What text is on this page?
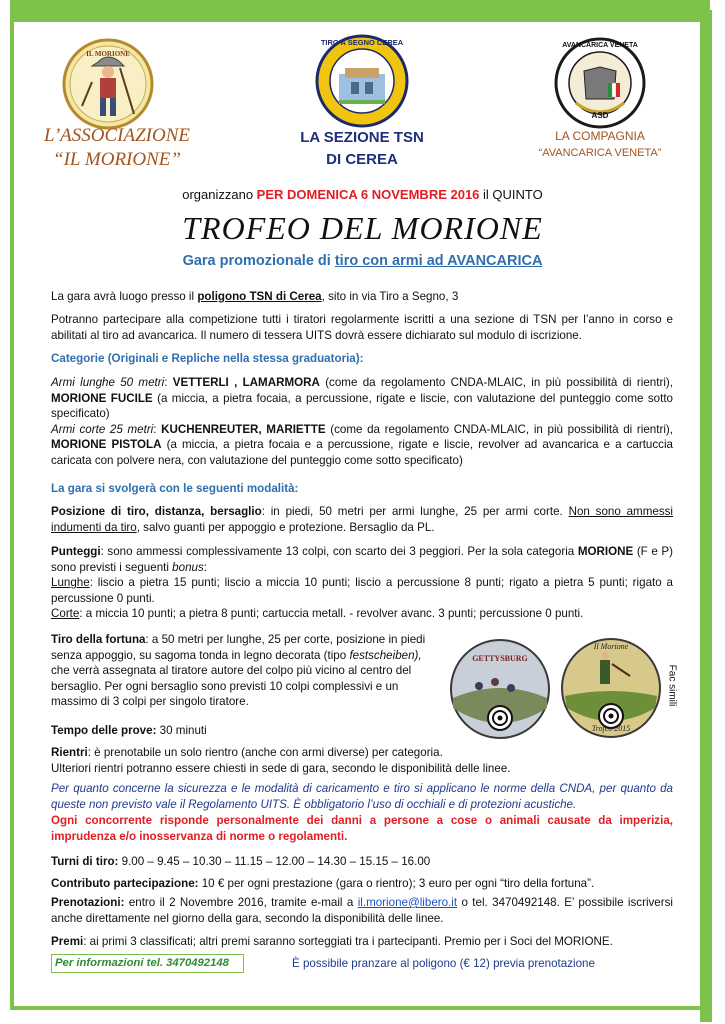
IL MORIONE
TIRO A SEGNO CEREA	AVANCARICA VENETA
ASD
L’ASSOCIAZIONE
“IL MORIONE”
LA SEZIONE TSN
DI CEREA
LA COMPAGNIA
“AVANCARICA VENETA”
organizzano PER DOMENICA 6 NOVEMBRE 2016 il QUINTO
TROFEO DEL MORIONE
Gara promozionale di tiro con armi ad AVANCARICA
La gara avrà luogo presso il poligono TSN di Cerea, sito in via Tiro a Segno, 3
Potranno partecipare alla competizione tutti i tiratori regolarmente iscritti a una sezione di TSN per l’anno in corso e abilitati al tiro ad avancarica. Il numero di tessera UITS dovrà essere dichiarato sul modulo di iscrizione.
Categorie (Originali e Repliche nella stessa graduatoria):
Armi lunghe 50 metri: VETTERLI , LAMARMORA (come da regolamento CNDA-MLAIC, in più possibilità di rientri), MORIONE FUCILE (a miccia, a pietra focaia, a percussione, rigate e liscie, con valutazione del punteggio come sotto specificato)
Armi corte 25 metri: KUCHENREUTER, MARIETTE (come da regolamento CNDA-MLAIC, in più possibilità di rientri), MORIONE PISTOLA (a miccia, a pietra focaia e a percussione, rigate e liscie, revolver ad avancarica e a cartuccia caricata con polvere nera, con valutazione del punteggio come sotto specificato)
La gara si svolgerà con le seguenti modalità:
Posizione di tiro, distanza, bersaglio: in piedi, 50 metri per armi lunghe, 25 per armi corte. Non sono ammessi indumenti da tiro, salvo guanti per appoggio e protezione. Bersaglio da PL.
Punteggi: sono ammessi complessivamente 13 colpi, con scarto dei 3 peggiori. Per la sola categoria MORIONE (F e P) sono previsti i seguenti bonus:
Lunghe: liscio a pietra 15 punti; liscio a miccia 10 punti; liscio a percussione 8 punti; rigato a pietra 5 punti; rigato a percussione 0 punti.
Corte: a miccia 10 punti; a pietra 8 punti; cartuccia metall. - revolver avanc. 3 punti; percussione 0 punti.
Tiro della fortuna: a 50 metri per lunghe, 25 per corte, posizione in piedi senza appoggio, su sagoma tonda in legno decorata (tipo festscheiben), che verrà assegnata al tiratore autore del colpo più vicino al centro del bersaglio. Per ogni bersaglio sono previsti 10 colpi complessivi e un massimo di 3 colpi per singolo tiratore.
GETTYSBURG
Il Morione
Trofeo 2015
Fac simili
Tempo delle prove: 30 minuti
Rientri: è prenotabile un solo rientro (anche con armi diverse) per categoria.
Ulteriori rientri potranno essere chiesti in sede di gara, secondo le disponibilità delle linee.
Per quanto concerne la sicurezza e le modalità di caricamento e tiro si applicano le norme della CNDA, per quanto da queste non previsto vale il Regolamento UITS. È obbligatorio l’uso di occhiali e di protezioni acustiche.
Ogni concorrente risponde personalmente dei danni a persone a cose o animali causate da imperizia, imprudenza e/o inosservanza di norme o regolamenti.
Turni di tiro: 9.00 – 9.45 – 10.30 – 11.15 – 12.00 – 14.30 – 15.15 – 16.00
Contributo partecipazione: 10 € per ogni prestazione (gara o rientro); 3 euro per ogni “tiro della fortuna”.
Prenotazioni: entro il 2 Novembre 2016, tramite e-mail a il.morione@libero.it o tel. 3470492148. E’ possibile iscriversi anche direttamente nel giorno della gara, secondo la disponibilità delle linee.
Premi: ai primi 3 classificati; altri premi saranno sorteggiati tra i partecipanti. Premio per i Soci del MORIONE.
Per informazioni tel. 3470492148	È possibile pranzare al poligono (€ 12) previa prenotazione
